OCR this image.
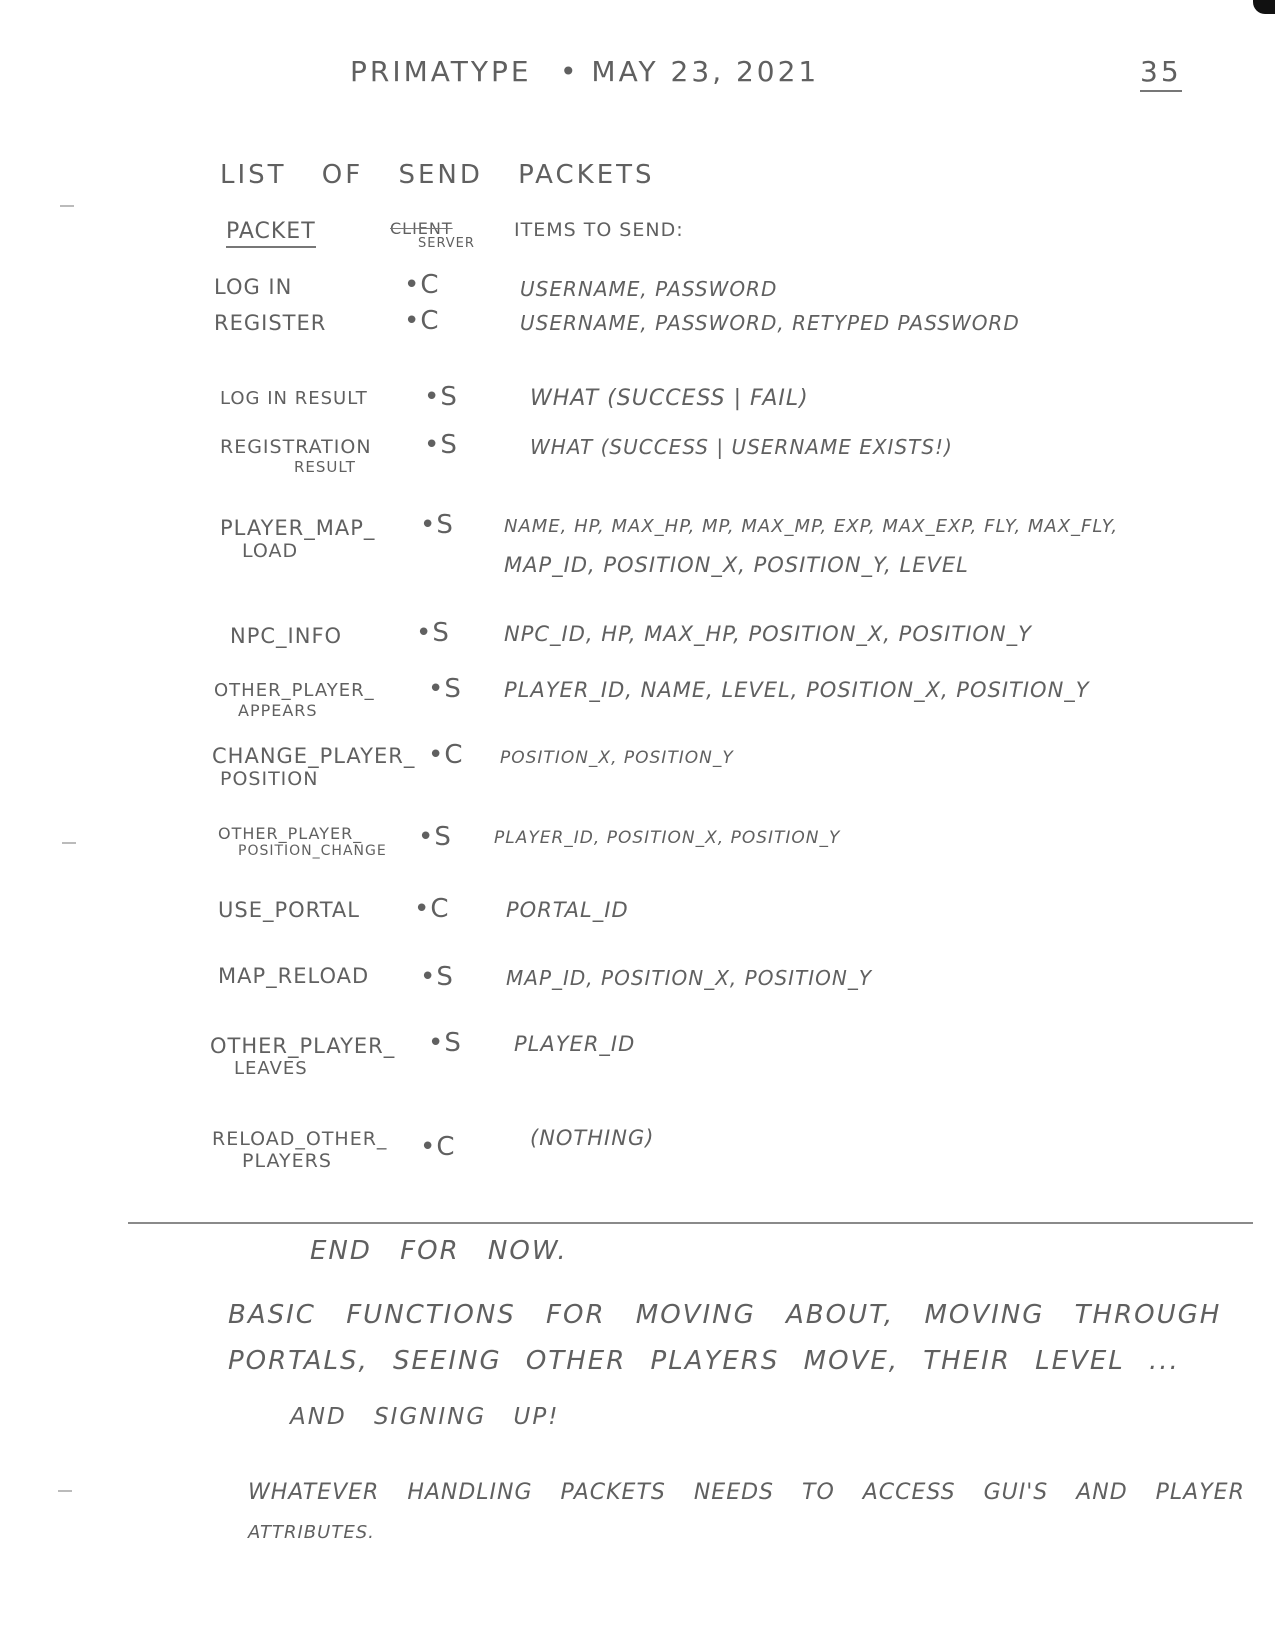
PRIMATYPE • MAY 23, 2021	35
LIST OF SEND PACKETS
PACKET	CLIENT
SERVER
ITEMS TO SEND:
LOG IN	•C	USERNAME, PASSWORD
REGISTER	•C	USERNAME, PASSWORD, RETYPED PASSWORD
LOG IN RESULT •S	WHAT (SUCCESS | FAIL)
REGISTRATION
RESULT
•S	WHAT (SUCCESS | USERNAME EXISTS!)
PLAYER_MAP_
LOAD
•S	NAME, HP, MAX_HP, MP, MAX_MP, EXP, MAX_EXP, FLY, MAX_FLY,
MAP_ID, POSITION_X, POSITION_Y, LEVEL
NPC_INFO	•S	NPC_ID, HP, MAX_HP, POSITION_X, POSITION_Y
OTHER_PLAYER_
APPEARS
•S PLAYER_ID, NAME, LEVEL, POSITION_X, POSITION_Y
CHANGE_PLAYER_
POSITION
•C POSITION_X, POSITION_Y
OTHER_PLAYER_
POSITION_CHANGE •S PLAYER_ID, POSITION_X, POSITION_Y
USE_PORTAL •C	PORTAL_ID
MAP_RELOAD •S	MAP_ID, POSITION_X, POSITION_Y
OTHER_PLAYER_
LEAVES
•S PLAYER_ID
RELOAD_OTHER_
PLAYERS	•C	(NOTHING)
END FOR NOW.
BASIC FUNCTIONS FOR MOVING ABOUT, MOVING THROUGH
PORTALS, SEEING OTHER PLAYERS MOVE, THEIR LEVEL ...
AND SIGNING UP!
WHATEVER HANDLING PACKETS NEEDS TO ACCESS GUI'S AND PLAYER
ATTRIBUTES.
